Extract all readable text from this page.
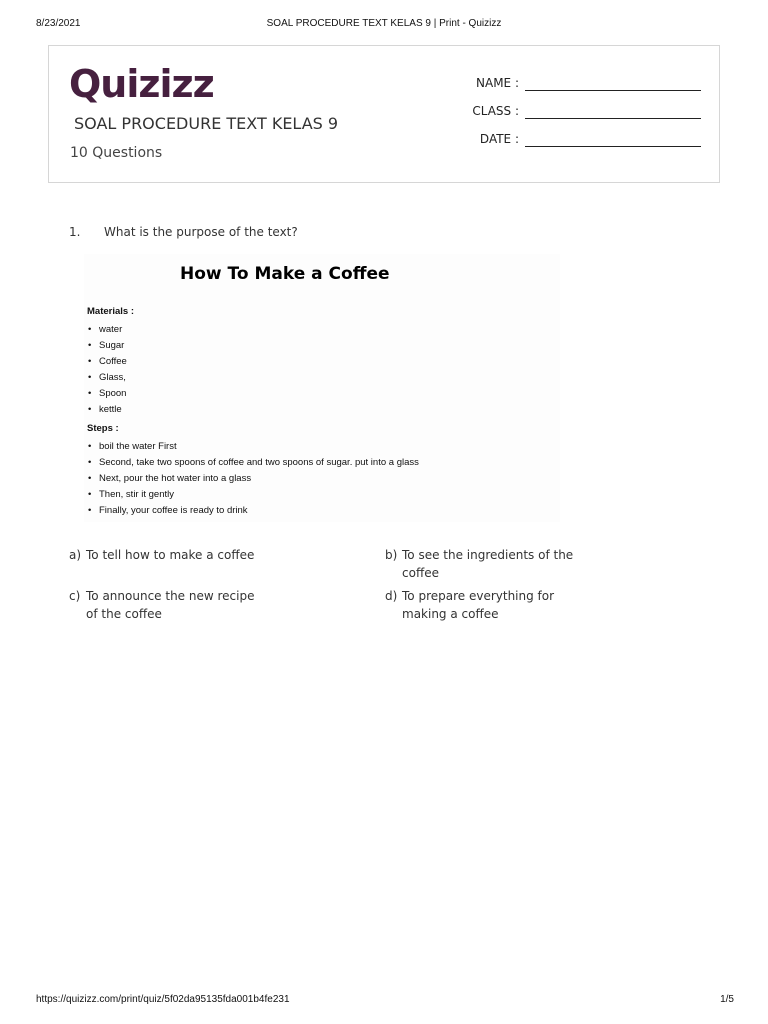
8/23/2021	SOAL PROCEDURE TEXT KELAS 9 | Print - Quizizz
Quizizz
SOAL PROCEDURE TEXT KELAS 9
10 Questions
NAME :
CLASS :
DATE :
1. What is the purpose of the text?
How To Make a Coffee
Materials :
• water
• Sugar
• Coffee
• Glass,
• Spoon
• kettle
Steps :
• boil the water First
• Second, take two spoons of coffee and two spoons of sugar. put into a glass
• Next, pour the hot water into a glass
• Then, stir it gently
• Finally, your coffee is ready to drink
a) To tell how to make a coffee	b) To see the ingredients of the coffee
c) To announce the new recipe of the coffee
d) To prepare everything for making a coffee
https://quizizz.com/print/quiz/5f02da95135fda001b4fe231	1/5
